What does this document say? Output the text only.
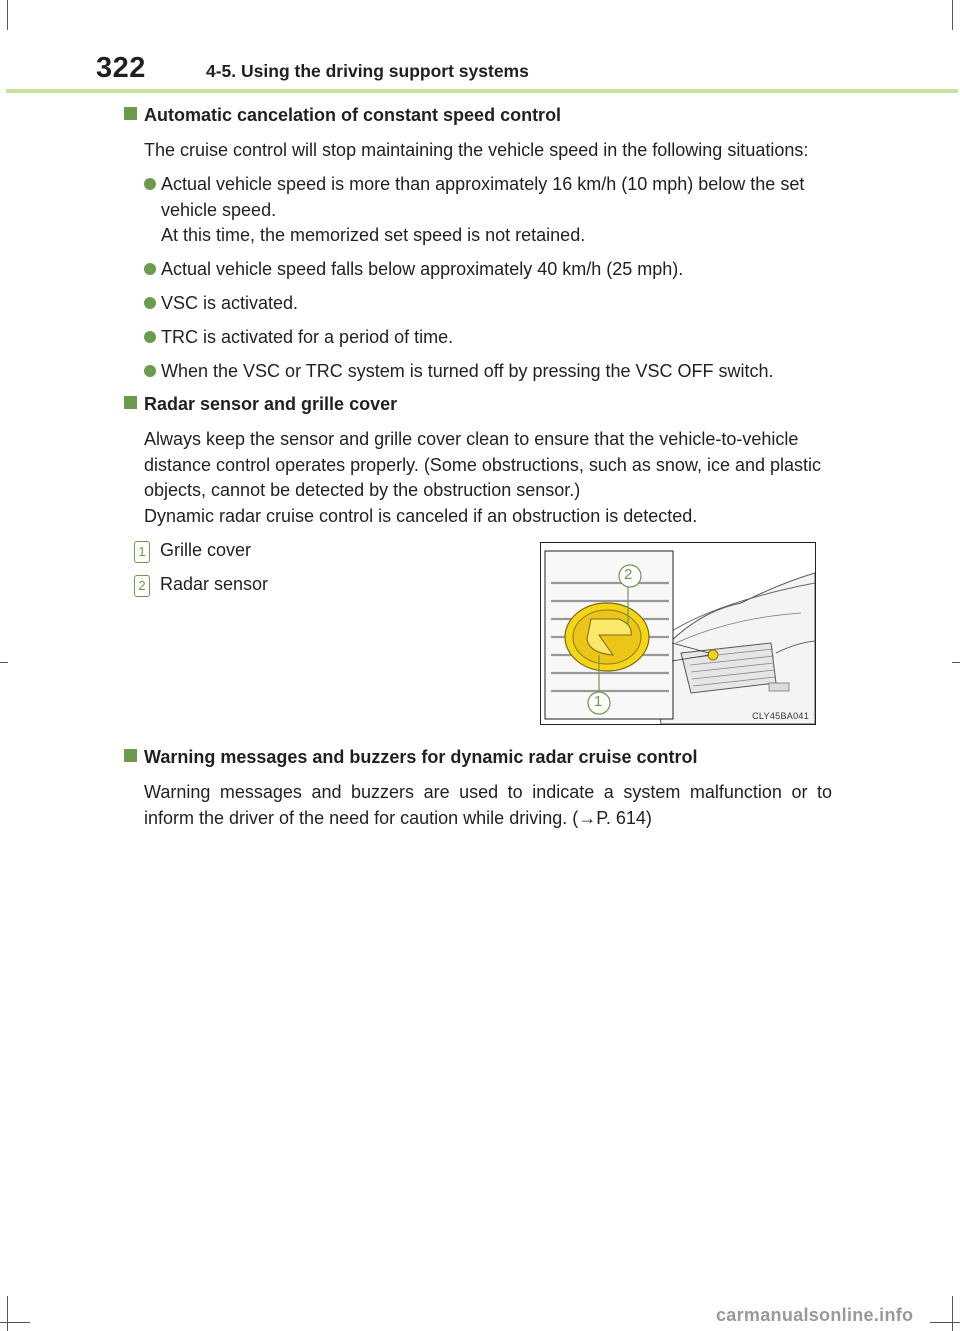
322	4-5. Using the driving support systems
Automatic cancelation of constant speed control

The cruise control will stop maintaining the vehicle speed in the following situations:

Actual vehicle speed is more than approximately 16 km/h (10 mph) below the set vehicle speed.

At this time, the memorized set speed is not retained.

Actual vehicle speed falls below approximately 40 km/h (25 mph).

VSC is activated.

TRC is activated for a period of time.

When the VSC or TRC system is turned off by pressing the VSC OFF switch.

Radar sensor and grille cover

Always keep the sensor and grille cover clean to ensure that the vehicle-to-vehicle distance control operates properly. (Some obstructions, such as snow, ice and plastic objects, cannot be detected by the obstruction sensor.)

Dynamic radar cruise control is canceled if an obstruction is detected.

1 Grille cover
2 Radar sensor	2
1
CLY45BA041
Warning messages and buzzers for dynamic radar cruise control

Warning messages and buzzers are used to indicate a system malfunction or to inform the driver of the need for caution while driving. (→P. 614)

carmanualsonline.info
